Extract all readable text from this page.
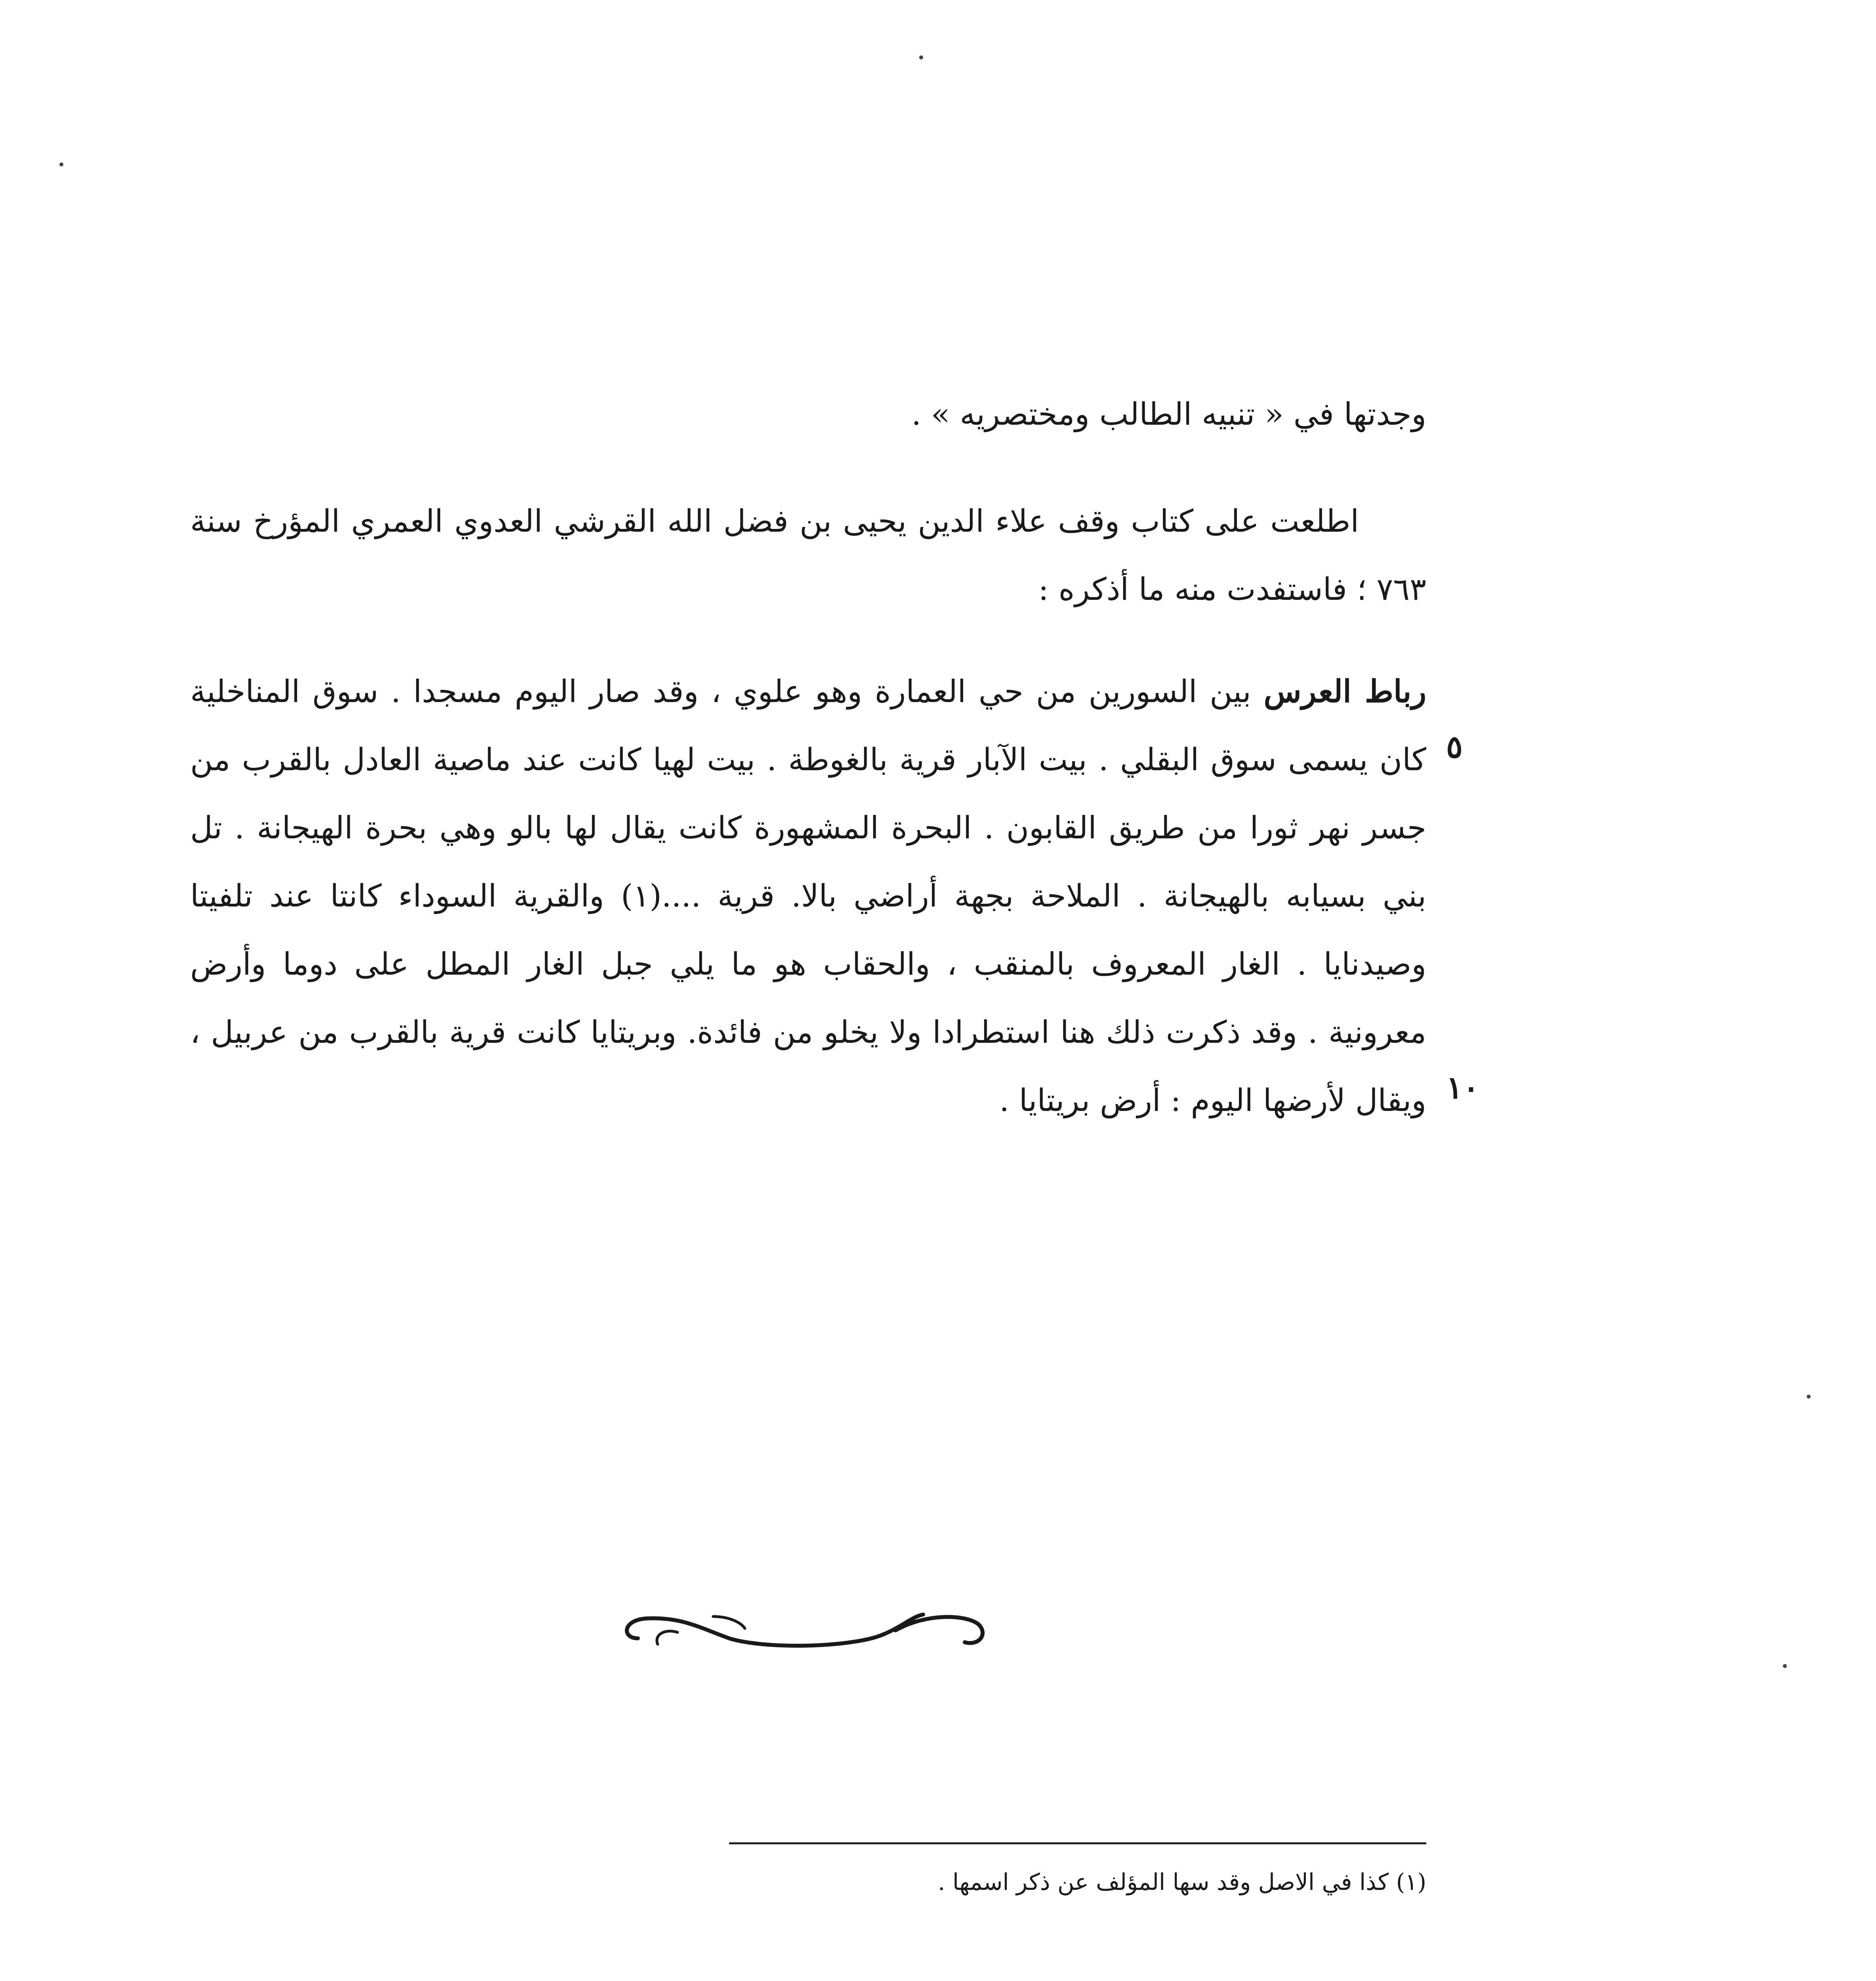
وجدتها في « تنبيه الطالب ومختصريه » .

اطلعت على كتاب وقف علاء الدين يحيى بن فضل الله القرشي العدوي العمري المؤرخ سنة ٧٦٣ ؛ فاستفدت منه ما أذكره :

رباط العرس بين السورين من حي العمارة وهو علوي ، وقد صار اليوم مسجدا . سوق المناخلية كان يسمى سوق البقلي . بيت الآبار قرية بالغوطة . بيت لهيا كانت عند ماصية العادل بالقرب من جسر نهر ثورا من طريق القابون . البحرة المشهورة كانت يقال لها بالو وهي بحرة الهيجانة . تل بني بسيابه بالهيجانة . الملاحة بجهة أراضي بالا. قرية ....(١) والقرية السوداء كانتا عند تلفيتا وصيدنايا . الغار المعروف بالمنقب ، والحقاب هو ما يلي جبل الغار المطل على دوما وأرض معرونية . وقد ذكرت ذلك هنا استطرادا ولا يخلو من فائدة. وبريتايا كانت قرية بالقرب من عربيل ، ويقال لأرضها اليوم : أرض بريتايا .

٥
١٠

(١) كذا في الاصل وقد سها المؤلف عن ذكر اسمها .
